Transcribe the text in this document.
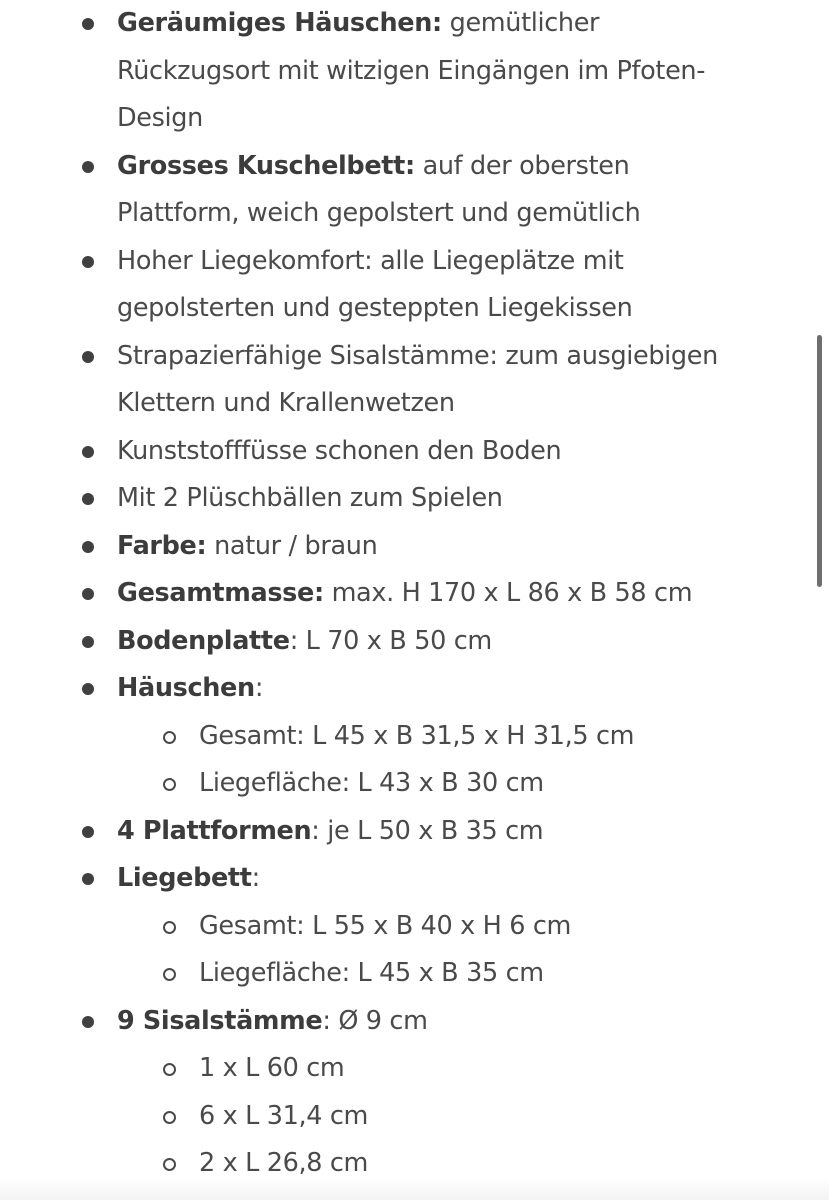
Geräumiges Häuschen: gemütlicher
Rückzugsort mit witzigen Eingängen im Pfoten-
Design
Grosses Kuschelbett: auf der obersten
Plattform, weich gepolstert und gemütlich
Hoher Liegekomfort: alle Liegeplätze mit
gepolsterten und gesteppten Liegekissen
Strapazierfähige Sisalstämme: zum ausgiebigen
Klettern und Krallenwetzen
Kunststofffüsse schonen den Boden
Mit 2 Plüschbällen zum Spielen
Farbe: natur / braun
Gesamtmasse: max. H 170 x L 86 x B 58 cm
Bodenplatte: L 70 x B 50 cm
Häuschen:
Gesamt: L 45 x B 31,5 x H 31,5 cm
Liegefläche: L 43 x B 30 cm
4 Plattformen: je L 50 x B 35 cm
Liegebett:
Gesamt: L 55 x B 40 x H 6 cm
Liegefläche: L 45 x B 35 cm
9 Sisalstämme: Ø 9 cm
1 x L 60 cm
6 x L 31,4 cm
2 x L 26,8 cm
